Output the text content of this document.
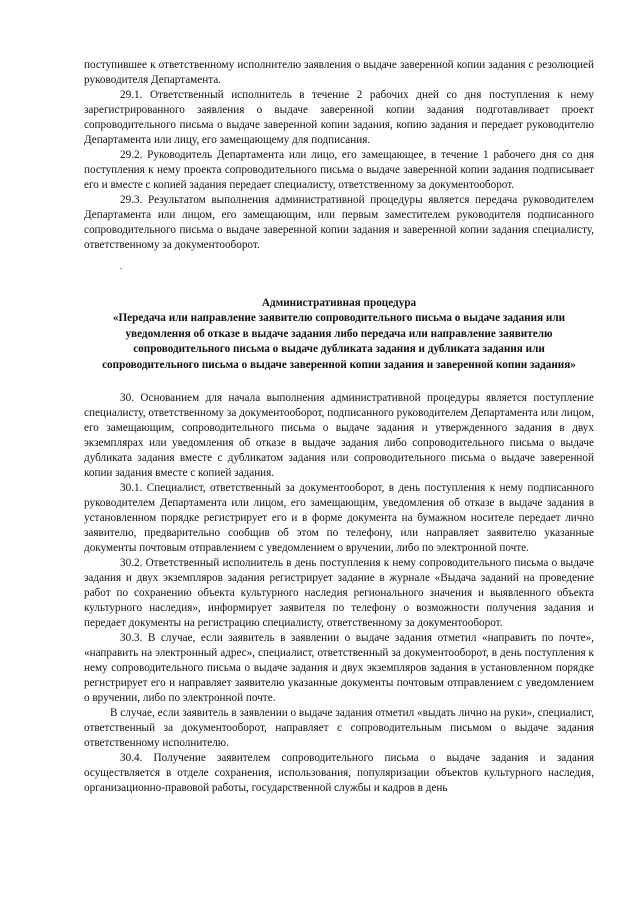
поступившее к ответственному исполнителю заявления о выдаче заверенной копии задания с резолюцией руководителя Департамента.

29.1. Ответственный исполнитель в течение 2 рабочих дней со дня поступления к нему зарегистрированного заявления о выдаче заверенной копии задания подготавливает проект сопроводительного письма о выдаче заверенной копии задания, копию задания и передает руководителю Департамента или лицу, его замещающему для подписания.

29.2. Руководитель Департамента или лицо, его замещающее, в течение 1 рабочего дня со дня поступления к нему проекта сопроводительного письма о выдаче заверенной копии задания подписывает его и вместе с копией задания передает специалисту, ответственному за документооборот.

29.3. Результатом выполнения административной процедуры является передача руководителем Департамента или лицом, его замещающим, или первым заместителем руководителя подписанного сопроводительного письма о выдаче заверенной копии задания и заверенной копии задания специалисту, ответственному за документооборот.

.
Административная процедура
«Передача или направление заявителю сопроводительного письма о выдаче задания или уведомления об отказе в выдаче задания либо передача или направление заявителю сопроводительного письма о выдаче дубликата задания и дубликата задания или сопроводительного письма о выдаче заверенной копии задания и заверенной копии задания»

30. Основанием для начала выполнения административной процедуры является поступление специалисту, ответственному за документооборот, подписанного руководителем Департамента или лицом, его замещающим, сопроводительного письма о выдаче задания и утвержденного задания в двух экземплярах или уведомления об отказе в выдаче задания либо сопроводительного письма о выдаче дубликата задания вместе с дубликатом задания или сопроводительного письма о выдаче заверенной копии задания вместе с копией задания.

30.1. Специалист, ответственный за документооборот, в день поступления к нему подписанного руководителем Департамента или лицом, его замещающим, уведомления об отказе в выдаче задания в установленном порядке регистрирует его и в форме документа на бумажном носителе передает лично заявителю, предварительно сообщив об этом по телефону, или направляет заявителю указанные документы почтовым отправлением с уведомлением о вручении, либо по электронной почте.

30.2. Ответственный исполнитель в день поступления к нему сопроводительного письма о выдаче задания и двух экземпляров задания регистрирует задание в журнале «Выдача заданий на проведение работ по сохранению объекта культурного наследия регионального значения и выявленного объекта культурного наследия», информирует заявителя по телефону о возможности получения задания и передает документы на регистрацию специалисту, ответственному за документооборот.

30.3. В случае, если заявитель в заявлении о выдаче задания отметил «направить по почте», «направить на электронный адрес», специалист, ответственный за документооборот, в день поступления к нему сопроводительного письма о выдаче задания и двух экземпляров задания в установленном порядке регистрирует его и направляет заявителю указанные документы почтовым отправлением с уведомлением о вручении, либо по электронной почте.

В случае, если заявитель в заявлении о выдаче задания отметил «выдать лично на руки», специалист, ответственный за документооборот, направляет с сопроводительным письмом о выдаче задания ответственному исполнителю.

30.4. Получение заявителем сопроводительного письма о выдаче задания и задания осуществляется в отделе сохранения, использования, популяризации объектов культурного наследия, организационно-правовой работы, государственной службы и кадров в день
